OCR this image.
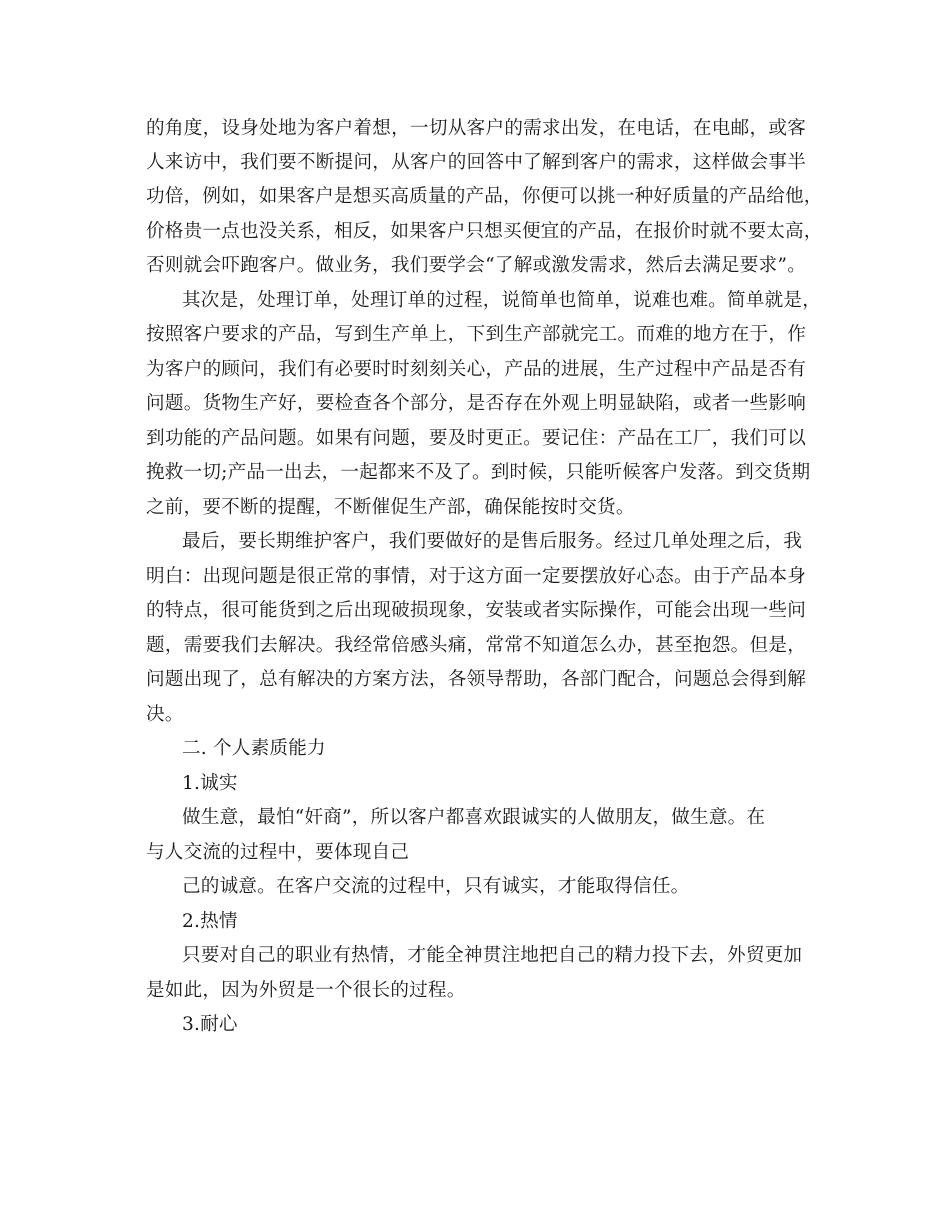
的角度，设身处地为客户着想，一切从客户的需求出发，在电话，在电邮，或客
人来访中，我们要不断提问，从客户的回答中了解到客户的需求，这样做会事半
功倍，例如，如果客户是想买高质量的产品，你便可以挑一种好质量的产品给他，
价格贵一点也没关系，相反，如果客户只想买便宜的产品，在报价时就不要太高，
否则就会吓跑客户。做业务，我们要学会“了解或激发需求，然后去满足要求”。
其次是，处理订单，处理订单的过程，说简单也简单，说难也难。简单就是，
按照客户要求的产品，写到生产单上，下到生产部就完工。而难的地方在于，作
为客户的顾问，我们有必要时时刻刻关心，产品的进展，生产过程中产品是否有
问题。货物生产好，要检查各个部分，是否存在外观上明显缺陷，或者一些影响
到功能的产品问题。如果有问题，要及时更正。要记住：产品在工厂，我们可以
挽救一切;产品一出去，一起都来不及了。到时候，只能听候客户发落。到交货期
之前，要不断的提醒，不断催促生产部，确保能按时交货。
最后，要长期维护客户，我们要做好的是售后服务。经过几单处理之后，我
明白：出现问题是很正常的事情，对于这方面一定要摆放好心态。由于产品本身
的特点，很可能货到之后出现破损现象，安装或者实际操作，可能会出现一些问
题，需要我们去解决。我经常倍感头痛，常常不知道怎么办，甚至抱怨。但是，
问题出现了，总有解决的方案方法，各领导帮助，各部门配合，问题总会得到解
决。
二. 个人素质能力
1.诚实
做生意，最怕“奸商”，所以客户都喜欢跟诚实的人做朋友，做生意。在
与人交流的过程中，要体现自己
己的诚意。在客户交流的过程中，只有诚实，才能取得信任。
2.热情
只要对自己的职业有热情，才能全神贯注地把自己的精力投下去，外贸更加
是如此，因为外贸是一个很长的过程。
3.耐心
